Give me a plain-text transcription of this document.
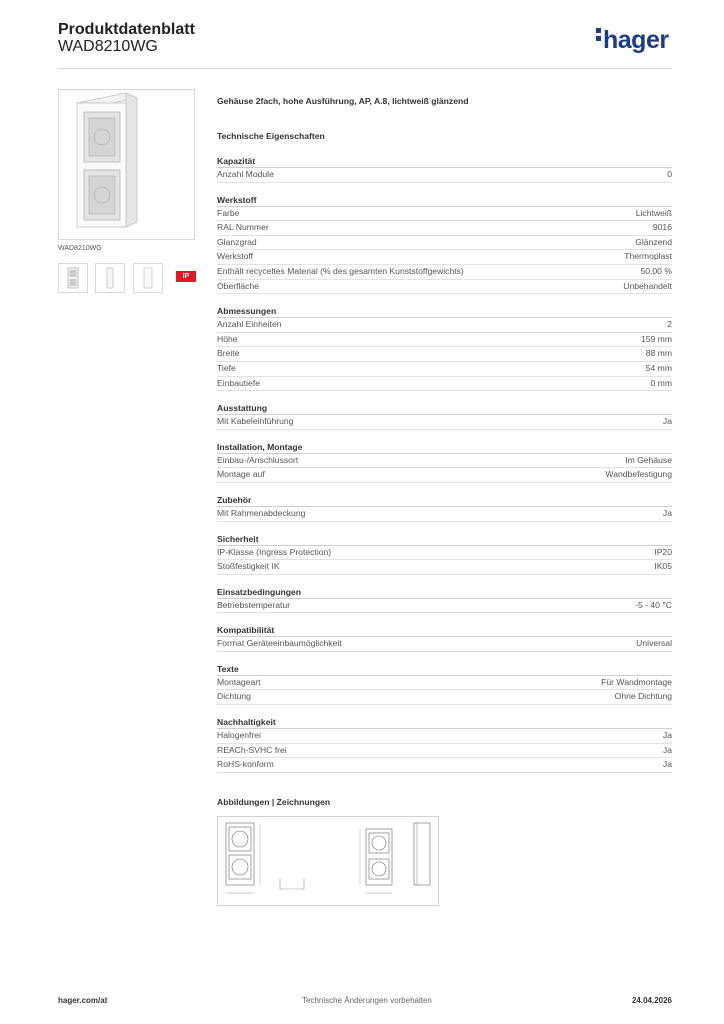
Produktdatenblatt
WAD8210WG	hager
WAD8210WG
IP
Gehäuse 2fach, hohe Ausführung, AP, A.8, lichtweiß glänzend
Technische Eigenschaften
Kapazität
Anzahl Module	0
Werkstoff
Farbe	Lichtweiß
RAL Nummer	9016
Glanzgrad	Glänzend
Werkstoff	Thermoplast
Enthält recyceltes Material (% des gesamten Kunststoffgewichts)	50,00 %
Oberfläche	Unbehandelt
Abmessungen
Anzahl Einheiten	2
Höhe	159 mm
Breite	88 mm
Tiefe	54 mm
Einbautiefe	0 mm
Ausstattung
Mit Kabeleinführung	Ja
Installation, Montage
Einbau-/Anschlussort	Im Gehäuse
Montage auf	Wandbefestigung
Zubehör
Mit Rahmenabdeckung	Ja
Sicherheit
IP-Klasse (Ingress Protection)	IP20
Stoßfestigkeit IK	IK05
Einsatzbedingungen
Betriebstemperatur	-5 - 40 °C
Kompatibilität
Format Geräteeinbaumöglichkeit	Universal
Texte
Montageart	Für Wandmontage
Dichtung	Ohne Dichtung
Nachhaltigkeit
Halogenfrei	Ja
REACh-SVHC frei	Ja
RoHS-konform	Ja
Abbildungen | Zeichnungen
hager.com/at	Technische Änderungen vorbehalten	24.04.2026
